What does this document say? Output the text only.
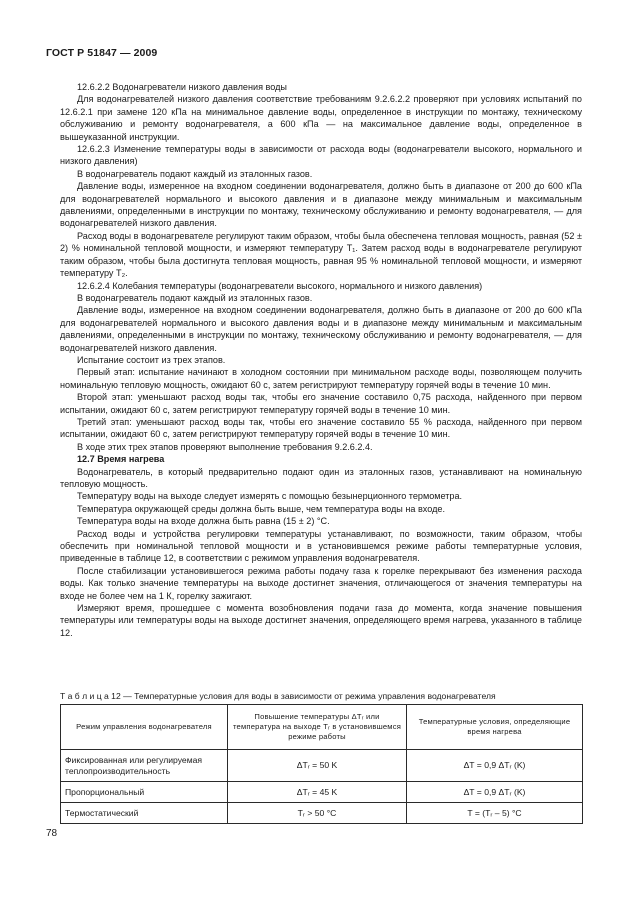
ГОСТ Р 51847 — 2009

12.6.2.2 Водонагреватели низкого давления воды

Для водонагревателей низкого давления соответствие требованиям 9.2.6.2.2 проверяют при условиях испытаний по 12.6.2.1 при замене 120 кПа на минимальное давление воды, определенное в инструкции по монтажу, техническому обслуживанию и ремонту водонагревателя, а 600 кПа — на максимальное давление воды, определенное в вышеуказанной инструкции.

12.6.2.3 Изменение температуры воды в зависимости от расхода воды (водонагреватели высокого, нормального и низкого давления)

В водонагреватель подают каждый из эталонных газов.

Давление воды, измеренное на входном соединении водонагревателя, должно быть в диапазоне от 200 до 600 кПа для водонагревателей нормального и высокого давления и в диапазоне между минимальным и максимальным давлениями, определенными в инструкции по монтажу, техническому обслуживанию и ремонту водонагревателя, — для водонагревателей низкого давления.

Расход воды в водонагревателе регулируют таким образом, чтобы была обеспечена тепловая мощность, равная (52 ± 2) % номинальной тепловой мощности, и измеряют температуру T₁. Затем расход воды в водонагревателе регулируют таким образом, чтобы была достигнута тепловая мощность, равная 95 % номинальной тепловой мощности, и измеряют температуру T₂.

12.6.2.4 Колебания температуры (водонагреватели высокого, нормального и низкого давления)

В водонагреватель подают каждый из эталонных газов.

Давление воды, измеренное на входном соединении водонагревателя, должно быть в диапазоне от 200 до 600 кПа для водонагревателей нормального и высокого давления воды и в диапазоне между минимальным и максимальным давлениями, определенными в инструкции по монтажу, техническому обслуживанию и ремонту водонагревателя, — для водонагревателей низкого давления.

Испытание состоит из трех этапов.

Первый этап: испытание начинают в холодном состоянии при минимальном расходе воды, позволяющем получить номинальную тепловую мощность, ожидают 60 с, затем регистрируют температуру горячей воды в течение 10 мин.

Второй этап: уменьшают расход воды так, чтобы его значение составило 0,75 расхода, найденного при первом испытании, ожидают 60 с, затем регистрируют температуру горячей воды в течение 10 мин.

Третий этап: уменьшают расход воды так, чтобы его значение составило 55 % расхода, найденного при первом испытании, ожидают 60 с, затем регистрируют температуру горячей воды в течение 10 мин.

В ходе этих трех этапов проверяют выполнение требования 9.2.6.2.4.

12.7 Время нагрева

Водонагреватель, в который предварительно подают один из эталонных газов, устанавливают на номинальную тепловую мощность.

Температуру воды на выходе следует измерять с помощью безынерционного термометра.

Температура окружающей среды должна быть выше, чем температура воды на входе.

Температура воды на входе должна быть равна (15 ± 2) °С.

Расход воды и устройства регулировки температуры устанавливают, по возможности, таким образом, чтобы обеспечить при номинальной тепловой мощности и в установившемся режиме работы температурные условия, приведенные в таблице 12, в соответствии с режимом управления водонагревателя.

После стабилизации установившегося режима работы подачу газа к горелке перекрывают без изменения расхода воды. Как только значение температуры на выходе достигнет значения, отличающегося от значения температуры на входе не более чем на 1 К, горелку зажигают.

Измеряют время, прошедшее с момента возобновления подачи газа до момента, когда значение повышения температуры или температуры воды на выходе достигнет значения, определяющего время нагрева, указанного в таблице 12.

Т а б л и ц а 12 — Температурные условия для воды в зависимости от режима управления водонагревателя
Режим управления водонагревателя	Повышение температуры ΔTᵣ или температура на выходе Tᵣ в установившемся режиме работы	Температурные условия, определяющие время нагрева
Фиксированная или регулируемая теплопроизводительность	ΔTᵣ = 50 K	ΔT = 0,9 ΔTᵣ (K)
Пропорциональный	ΔTᵣ = 45 K	ΔT = 0,9 ΔTᵣ (K)
Термостатический	Tᵣ > 50 °C	T = (Tᵣ – 5) °C
78
